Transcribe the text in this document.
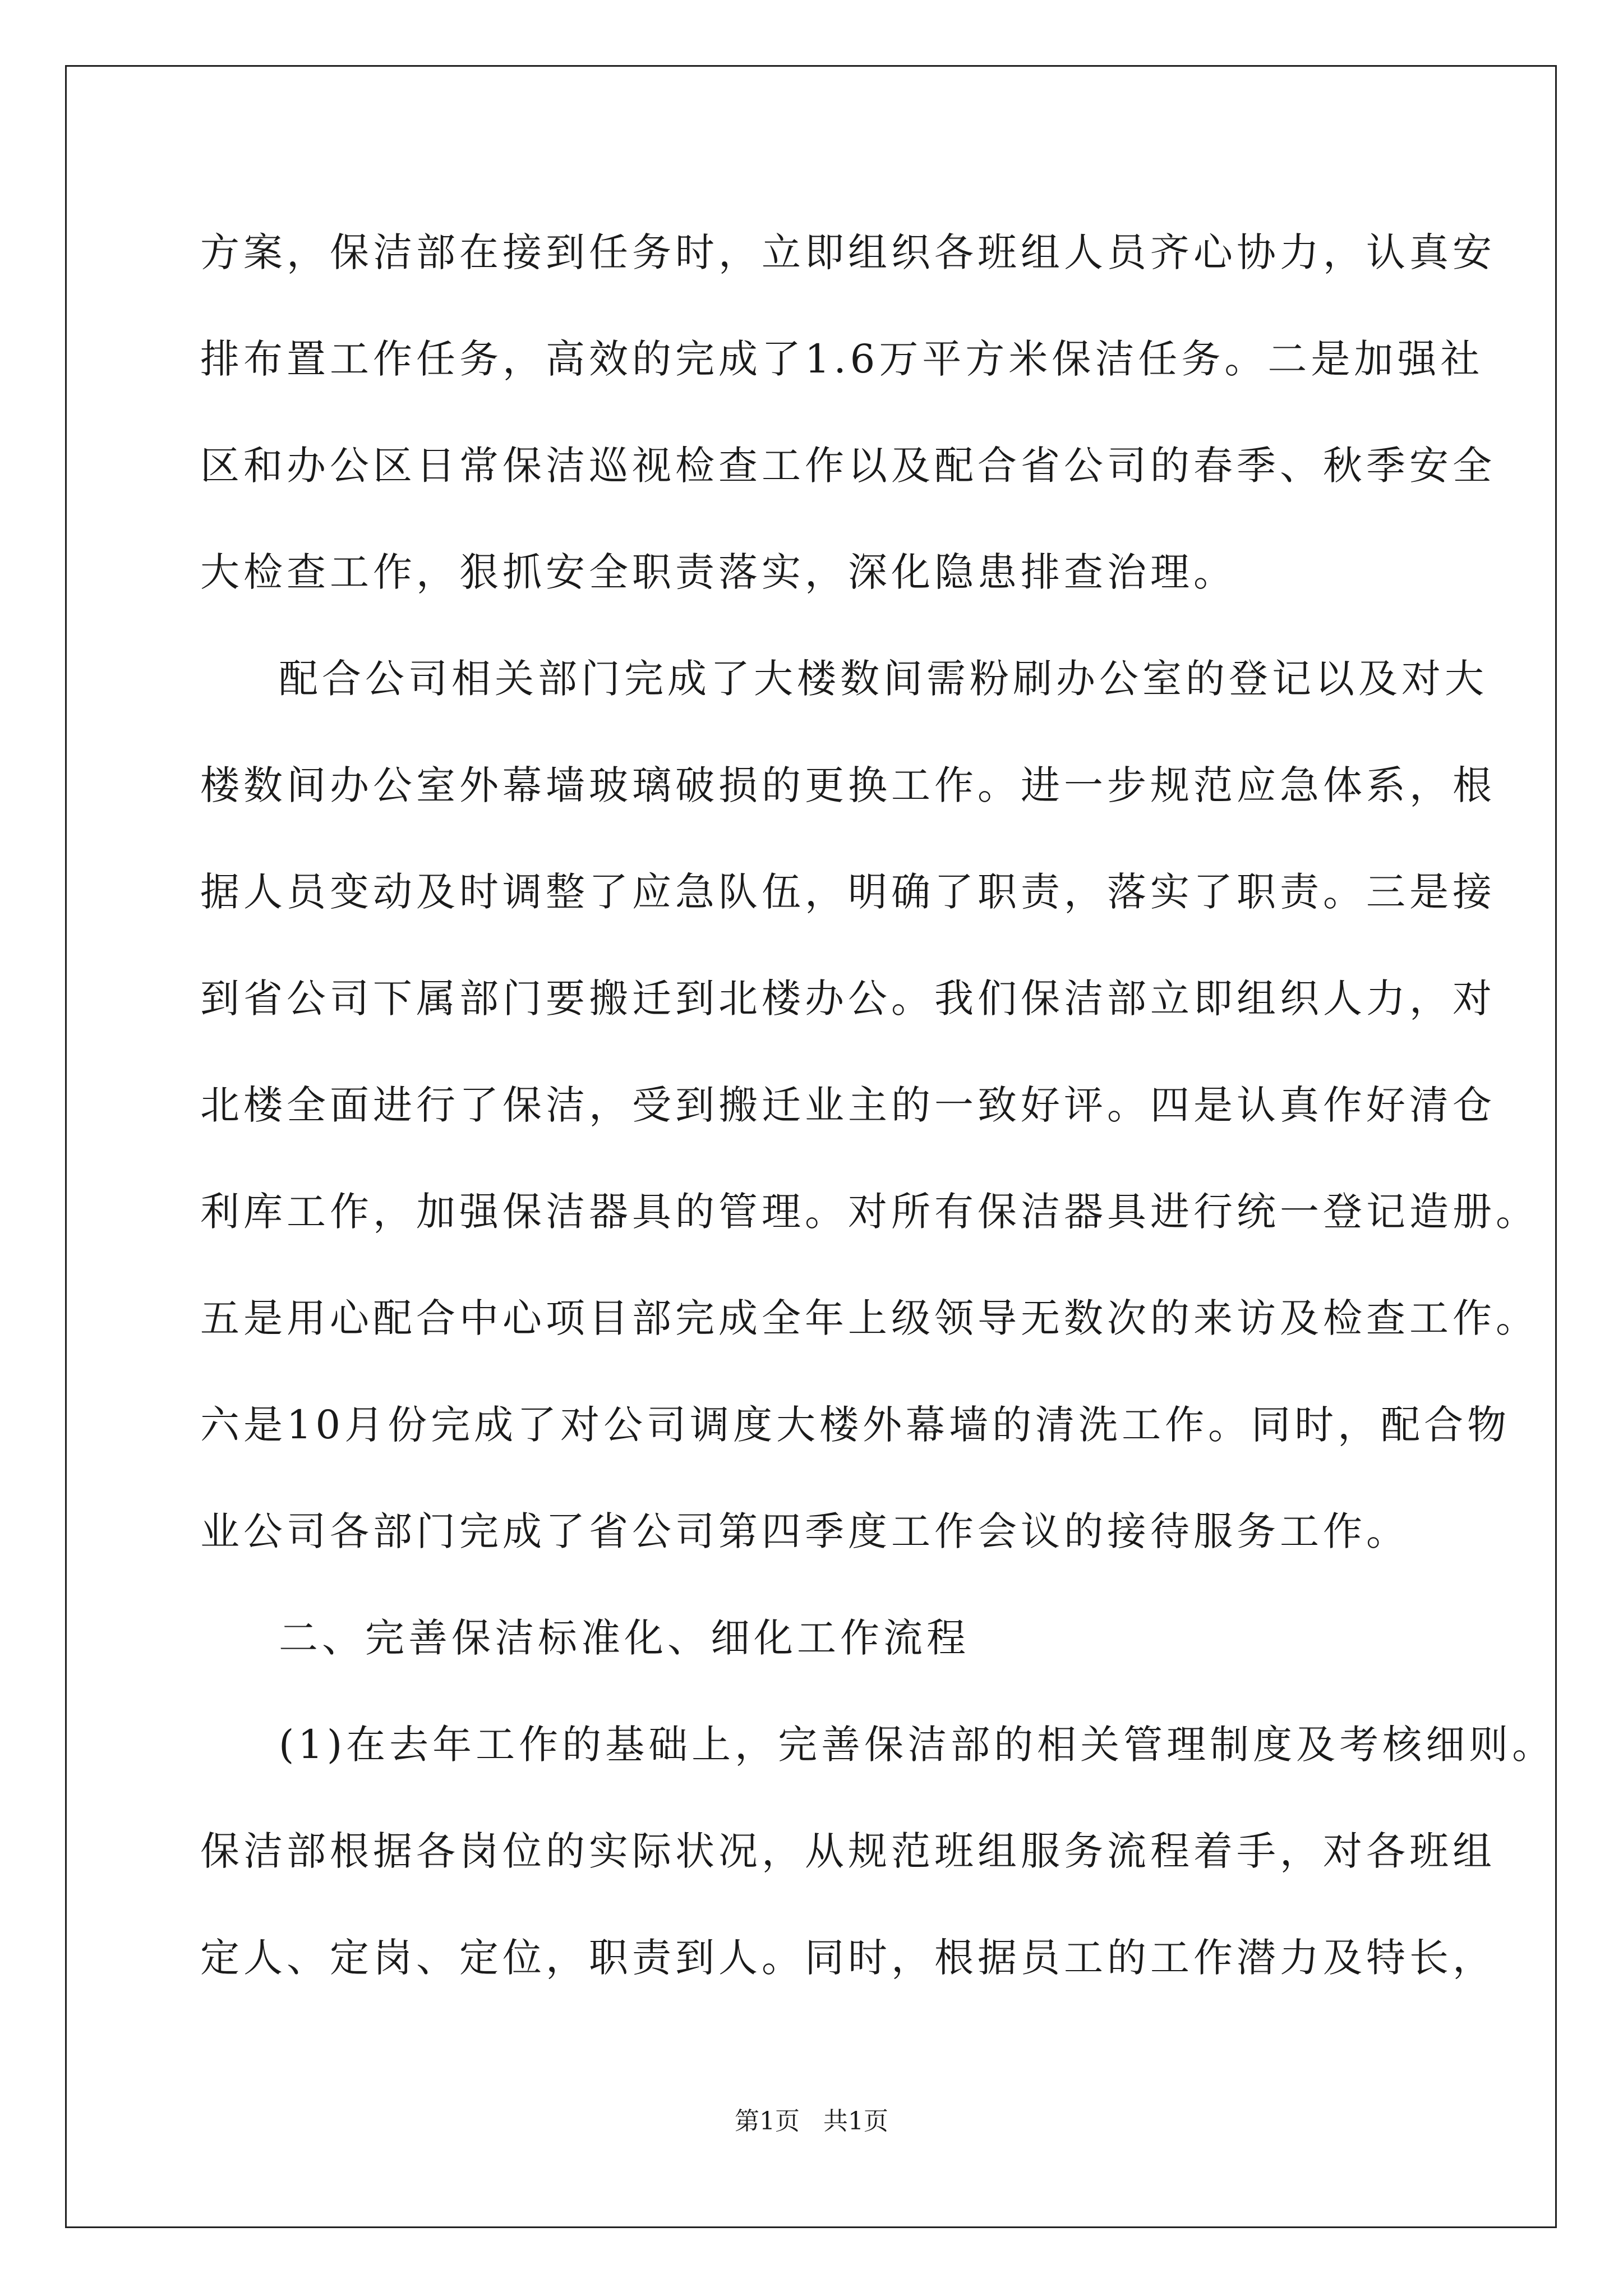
方案，保洁部在接到任务时，立即组织各班组人员齐心协力，认真安
排布置工作任务，高效的完成了1.6万平方米保洁任务。二是加强社
区和办公区日常保洁巡视检查工作以及配合省公司的春季、秋季安全
大检查工作，狠抓安全职责落实，深化隐患排查治理。
配合公司相关部门完成了大楼数间需粉刷办公室的登记以及对大
楼数间办公室外幕墙玻璃破损的更换工作。进一步规范应急体系，根
据人员变动及时调整了应急队伍，明确了职责，落实了职责。三是接
到省公司下属部门要搬迁到北楼办公。我们保洁部立即组织人力，对
北楼全面进行了保洁，受到搬迁业主的一致好评。四是认真作好清仓
利库工作，加强保洁器具的管理。对所有保洁器具进行统一登记造册。
五是用心配合中心项目部完成全年上级领导无数次的来访及检查工作。
六是10月份完成了对公司调度大楼外幕墙的清洗工作。同时，配合物
业公司各部门完成了省公司第四季度工作会议的接待服务工作。
二、完善保洁标准化、细化工作流程
(1)在去年工作的基础上，完善保洁部的相关管理制度及考核细则。
保洁部根据各岗位的实际状况，从规范班组服务流程着手，对各班组
定人、定岗、定位，职责到人。同时，根据员工的工作潜力及特长，
第1页   共1页
